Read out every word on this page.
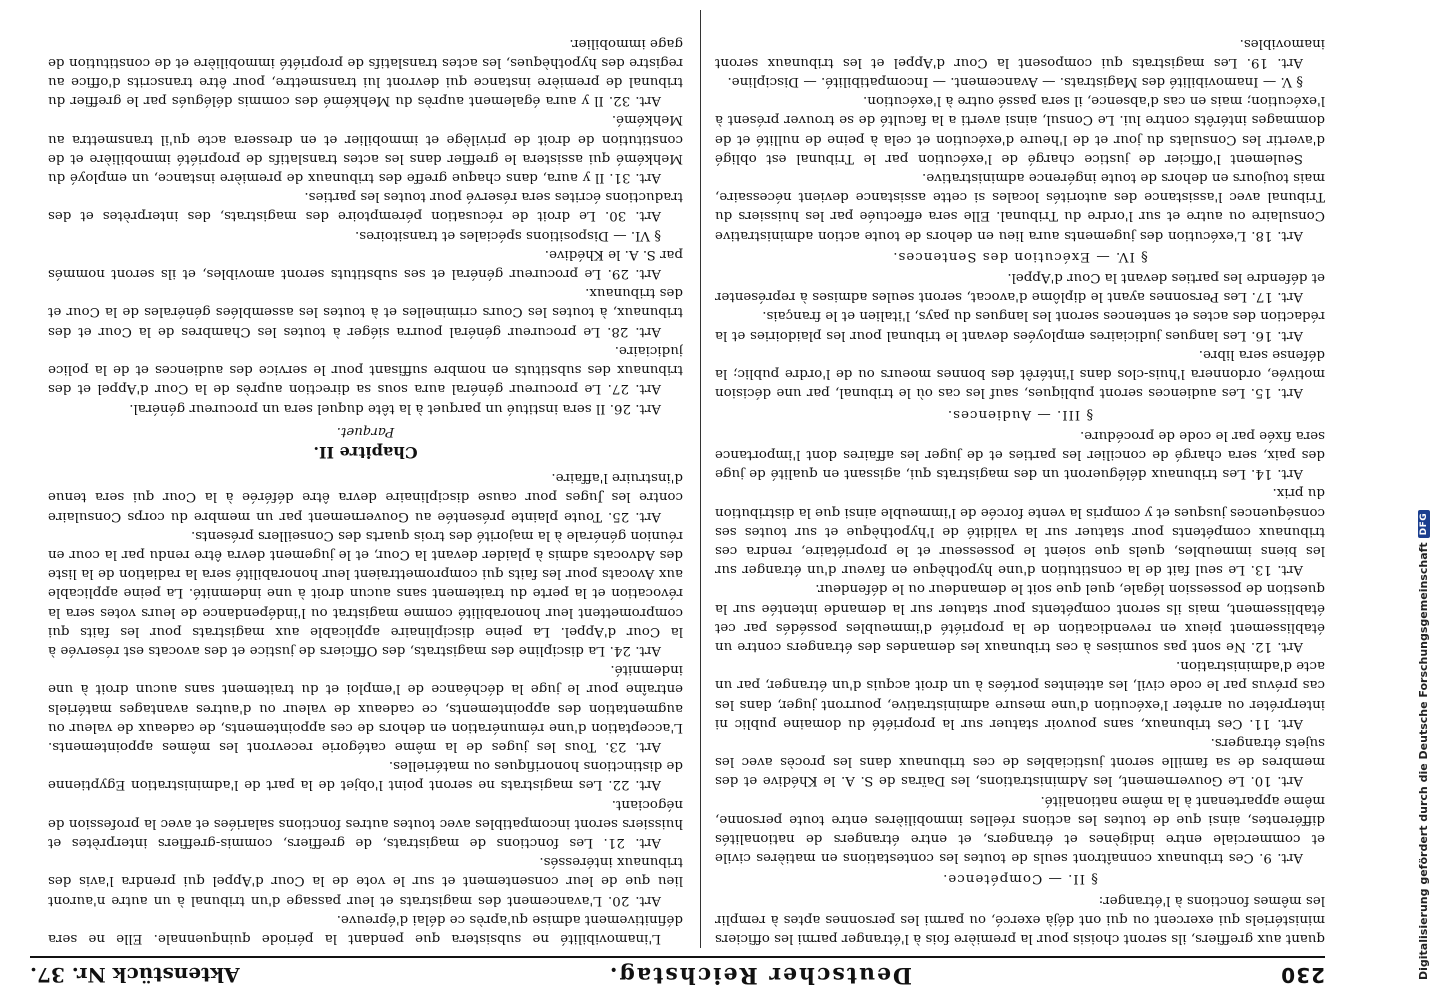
230
Deutscher Reichstag.
Aktenstück Nr. 37.

quant aux greffiers, ils seront choisis pour la première fois à l'étranger parmi les officiers ministériels qui exercent ou qui ont déjà exercé, ou parmi les personnes aptes à remplir les mêmes fonctions à l'étranger:

§ II. — Compétence.

Art. 9. Ces tribunaux connaîtront seuls de toutes les contestations en matières civile et commerciale entre indigènes et étrangers, et entre étrangers de nationalités différentes, ainsi que de toutes les actions réelles immobilières entre toute personne, même appartenant à la même nationalité.

Art. 10. Le Gouvernement, les Administrations, les Daïras de S. A. le Khédive et des membres de sa famille seront justiciables de ces tribunaux dans les procès avec les sujets étrangers.

Art. 11. Ces tribunaux, sans pouvoir statuer sur la propriété du domaine public ni interpréter ou arrêter l'exécution d'une mesure administrative, pourront juger, dans les cas prévus par le code civil, les atteintes portées à un droit acquis d'un étranger, par un acte d'administration.

Art. 12. Ne sont pas soumises à ces tribunaux les demandes des étrangers contre un établissement pieux en revendication de la propriété d'immeubles possédés par cet établissement, mais ils seront compétents pour statuer sur la demande intentée sur la question de possession légale, quel que soit le demandeur ou le défendeur.

Art. 13. Le seul fait de la constitution d'une hypothèque en faveur d'un étranger sur les biens immeubles, quels que soient le possesseur et le propriétaire, rendra ces tribunaux compétents pour statuer sur la validité de l'hypothèque et sur toutes ses conséquences jusques et y compris la vente forcée de l'immeuble ainsi que la distribution du prix.

Art. 14. Les tribunaux délégueront un des magistrats qui, agissant en qualité de juge des paix, sera chargé de concilier les parties et de juger les affaires dont l'importance sera fixée par le code de procédure.

§ III. — Audiences.

Art. 15. Les audiences seront publiques, sauf les cas où le tribunal, par une décision motivée, ordonnera l'huis-clos dans l'intérêt des bonnes moeurs ou de l'ordre public; la défense sera libre.

Art. 16. Les langues judiciaires employées devant le tribunal pour les plaidoiries et la rédaction des actes et sentences seront les langues du pays, l'italien et le français.

Art. 17. Les Personnes ayant le diplôme d'avocat, seront seules admises à représenter et défendre les parties devant la Cour d'Appel.

§ IV. — Exécution des Sentences.

Art. 18. L'exécution des jugements aura lieu en dehors de toute action administrative Consulaire ou autre et sur l'ordre du Tribunal. Elle sera effectuée par les huissiers du Tribunal avec l'assistance des autorités locales si cette assistance devient nécessaire, mais toujours en dehors de toute ingérence administrative.

Seulement l'officier de justice chargé de l'exécution par le Tribunal est obligé d'avertir les Consulats du jour et de l'heure d'exécution et cela à peine de nullité et de dommages intérêts contre lui. Le Consul, ainsi averti a la faculté de se trouver présent à l'exécution; mais en cas d'absence, il sera passé outre à l'exécution.

§ V. — Inamovibilité des Magistrats. — Avancement. — Incompatibilité. — Discipline.

Art. 19. Les magistrats qui composent la Cour d'Appel et les tribunaux seront inamovibles.

L'inamovibilité ne subsistera que pendant la période quinquennale. Elle ne sera définitivement admise qu'après ce délai d'épreuve.

Art. 20. L'avancement des magistrats et leur passage d'un tribunal à un autre n'auront lieu que de leur consentement et sur le vote de la Cour d'Appel qui prendra l'avis des tribunaux intéressés.

Art. 21. Les fonctions de magistrats, de greffiers, commis-greffiers interprètes et huissiers seront incompatibles avec toutes autres fonctions salariées et avec la profession de négociant.

Art. 22. Les magistrats ne seront point l'objet de la part de l'administration Egyptienne de distinctions honorifiques ou matérielles.

Art. 23. Tous les juges de la même catégorie recevront les mêmes appointements. L'acceptation d'une rémunération en dehors de ces appointements, de cadeaux de valeur ou augmentation des appointements, ce cadeaux de valeur ou d'autres avantages matériels entraîne pour le juge la déchéance de l'emploi et du traitement sans aucun droit à une indemnité.

Art. 24. La discipline des magistrats, des Officiers de justice et des avocats est réservée à la Cour d'Appel. La peine disciplinaire applicable aux magistrats pour les faits qui compromettent leur honorabilité comme magistrat ou l'indépendance de leurs votes sera la révocation et la perte du traitement sans aucun droit à une indemnité. La peine applicable aux Avocats pour les faits qui compromettraient leur honorabilité sera la radiation de la liste des Advocats admis à plaider devant la Cour, et le jugement devra être rendu par la cour en réunion générale à la majorité des trois quarts des Conseillers présents.

Art. 25. Toute plainte présentée au Gouvernement par un membre du corps Consulaire contre les Juges pour cause disciplinaire devra être déférée à la Cour qui sera tenue d'instruire l'affaire.

Chapitre II.

Parquet.

Art. 26. Il sera institué un parquet à la tête duquel sera un procureur général.

Art. 27. Le procureur général aura sous sa direction auprès de la Cour d'Appel et des tribunaux des substituts en nombre suffisant pour le service des audiences et de la police judiciaire.

Art. 28. Le procureur général pourra siéger à toutes les Chambres de la Cour et des tribunaux, à toutes les Cours criminelles et à toutes les assemblées générales de la Cour et des tribunaux.

Art. 29. Le procureur général et ses substituts seront amovibles, et ils seront nommés par S. A. le Khédive.

§ VI. — Dispositions spéciales et transitoires.

Art. 30. Le droit de récusation péremptoire des magistrats, des interprètes et des traductions écrites sera réservé pour toutes les parties.

Art. 31. Il y aura, dans chaque greffe des tribunaux de première instance, un employé du Mehkémé qui assistera le greffier dans les actes translatifs de propriété immobilière et de constitution de droit de privilège et immobilier et en dressera acte qu'il transmettra au Mehkémé.

Art. 32. Il y aura également auprès du Mehkémé des commis délégués par le greffier du tribunal de première instance qui devront lui transmettre, pour être transcrits d'office au registre des hypothèques, les actes translatifs de propriété immobilière et de constitution de gage immobilier.

Digitalisierung gefördert durch die Deutsche Forschungsgemeinschaft
DFG
